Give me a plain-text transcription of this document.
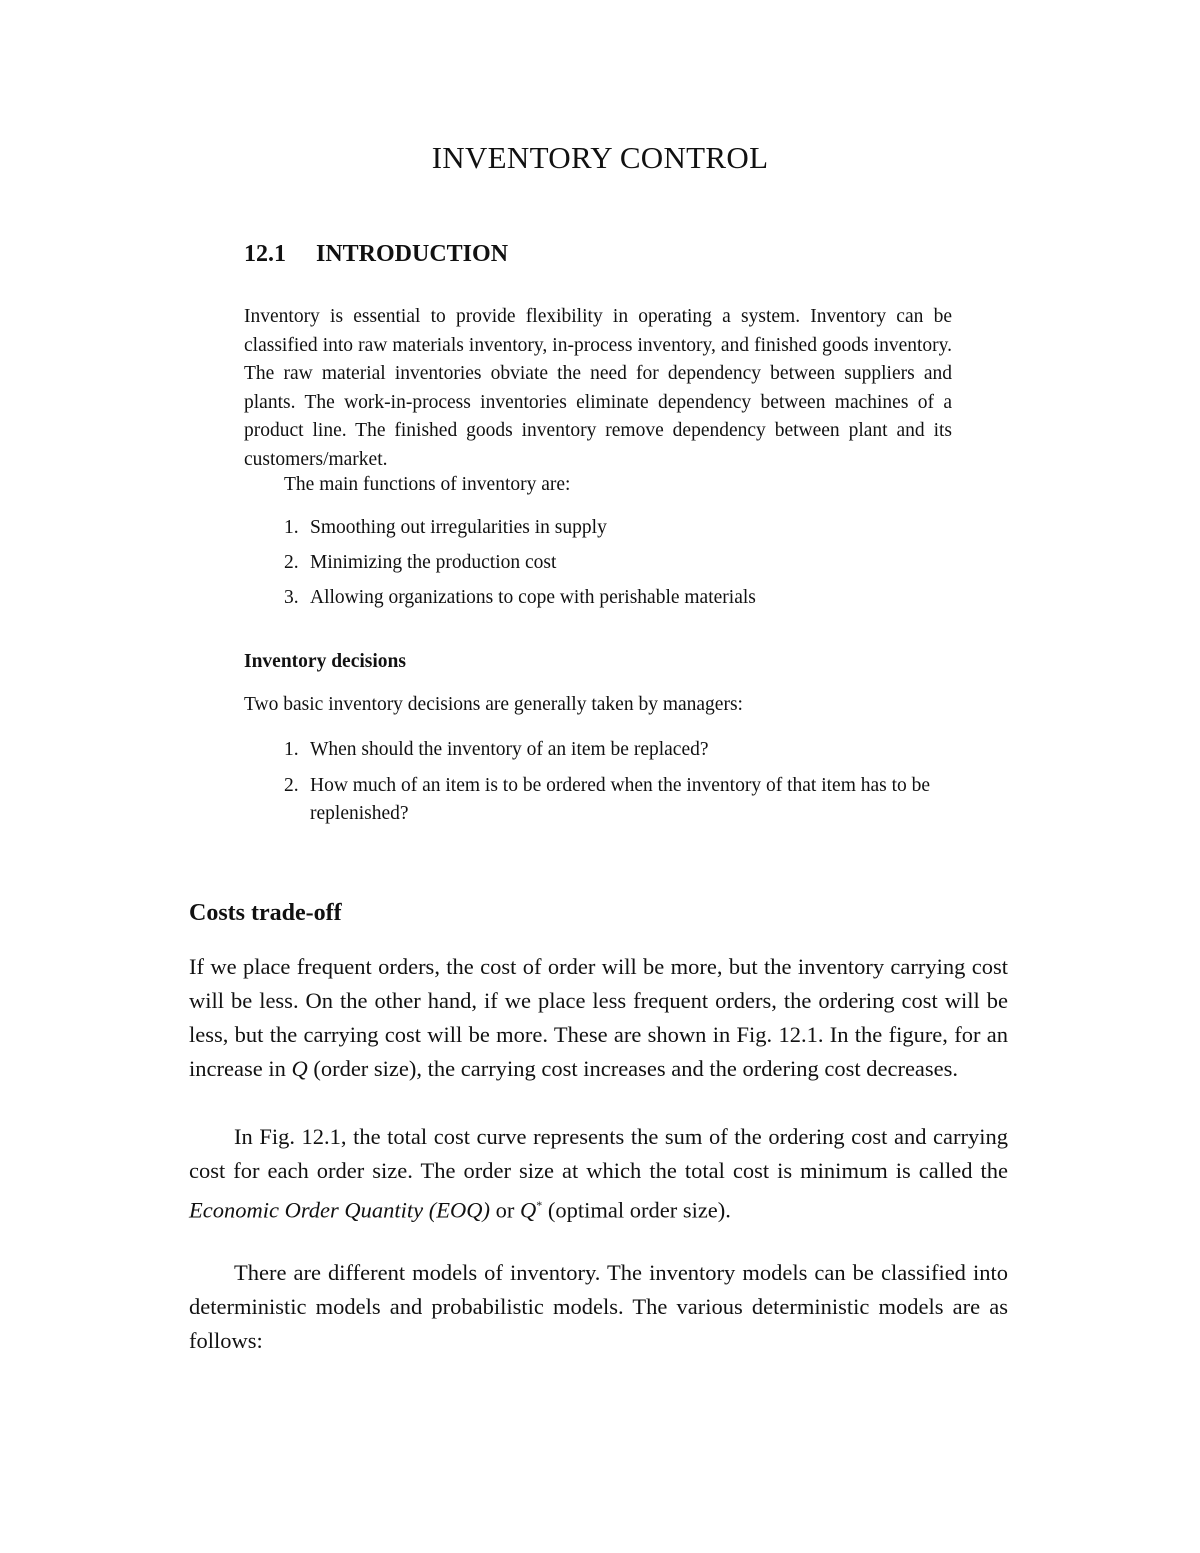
INVENTORY CONTROL
12.1 INTRODUCTION

Inventory is essential to provide flexibility in operating a system. Inventory can be classified into raw materials inventory, in-process inventory, and finished goods inventory. The raw material inventories obviate the need for dependency between suppliers and plants. The work-in-process inventories eliminate dependency between machines of a product line. The finished goods inventory remove dependency between plant and its customers/market.

The main functions of inventory are:
1. Smoothing out irregularities in supply
2. Minimizing the production cost
3. Allowing organizations to cope with perishable materials
Inventory decisions
Two basic inventory decisions are generally taken by managers:
1. When should the inventory of an item be replaced?
2. How much of an item is to be ordered when the inventory of that item has to be replenished?
Costs trade-off

If we place frequent orders, the cost of order will be more, but the inventory carrying cost will be less. On the other hand, if we place less frequent orders, the ordering cost will be less, but the carrying cost will be more. These are shown in Fig. 12.1. In the figure, for an increase in Q (order size), the carrying cost increases and the ordering cost decreases.

In Fig. 12.1, the total cost curve represents the sum of the ordering cost and carrying cost for each order size. The order size at which the total cost is minimum is called the Economic Order Quantity (EOQ) or Q* (optimal order size).

There are different models of inventory. The inventory models can be classified into deterministic models and probabilistic models. The various deterministic models are as follows:
